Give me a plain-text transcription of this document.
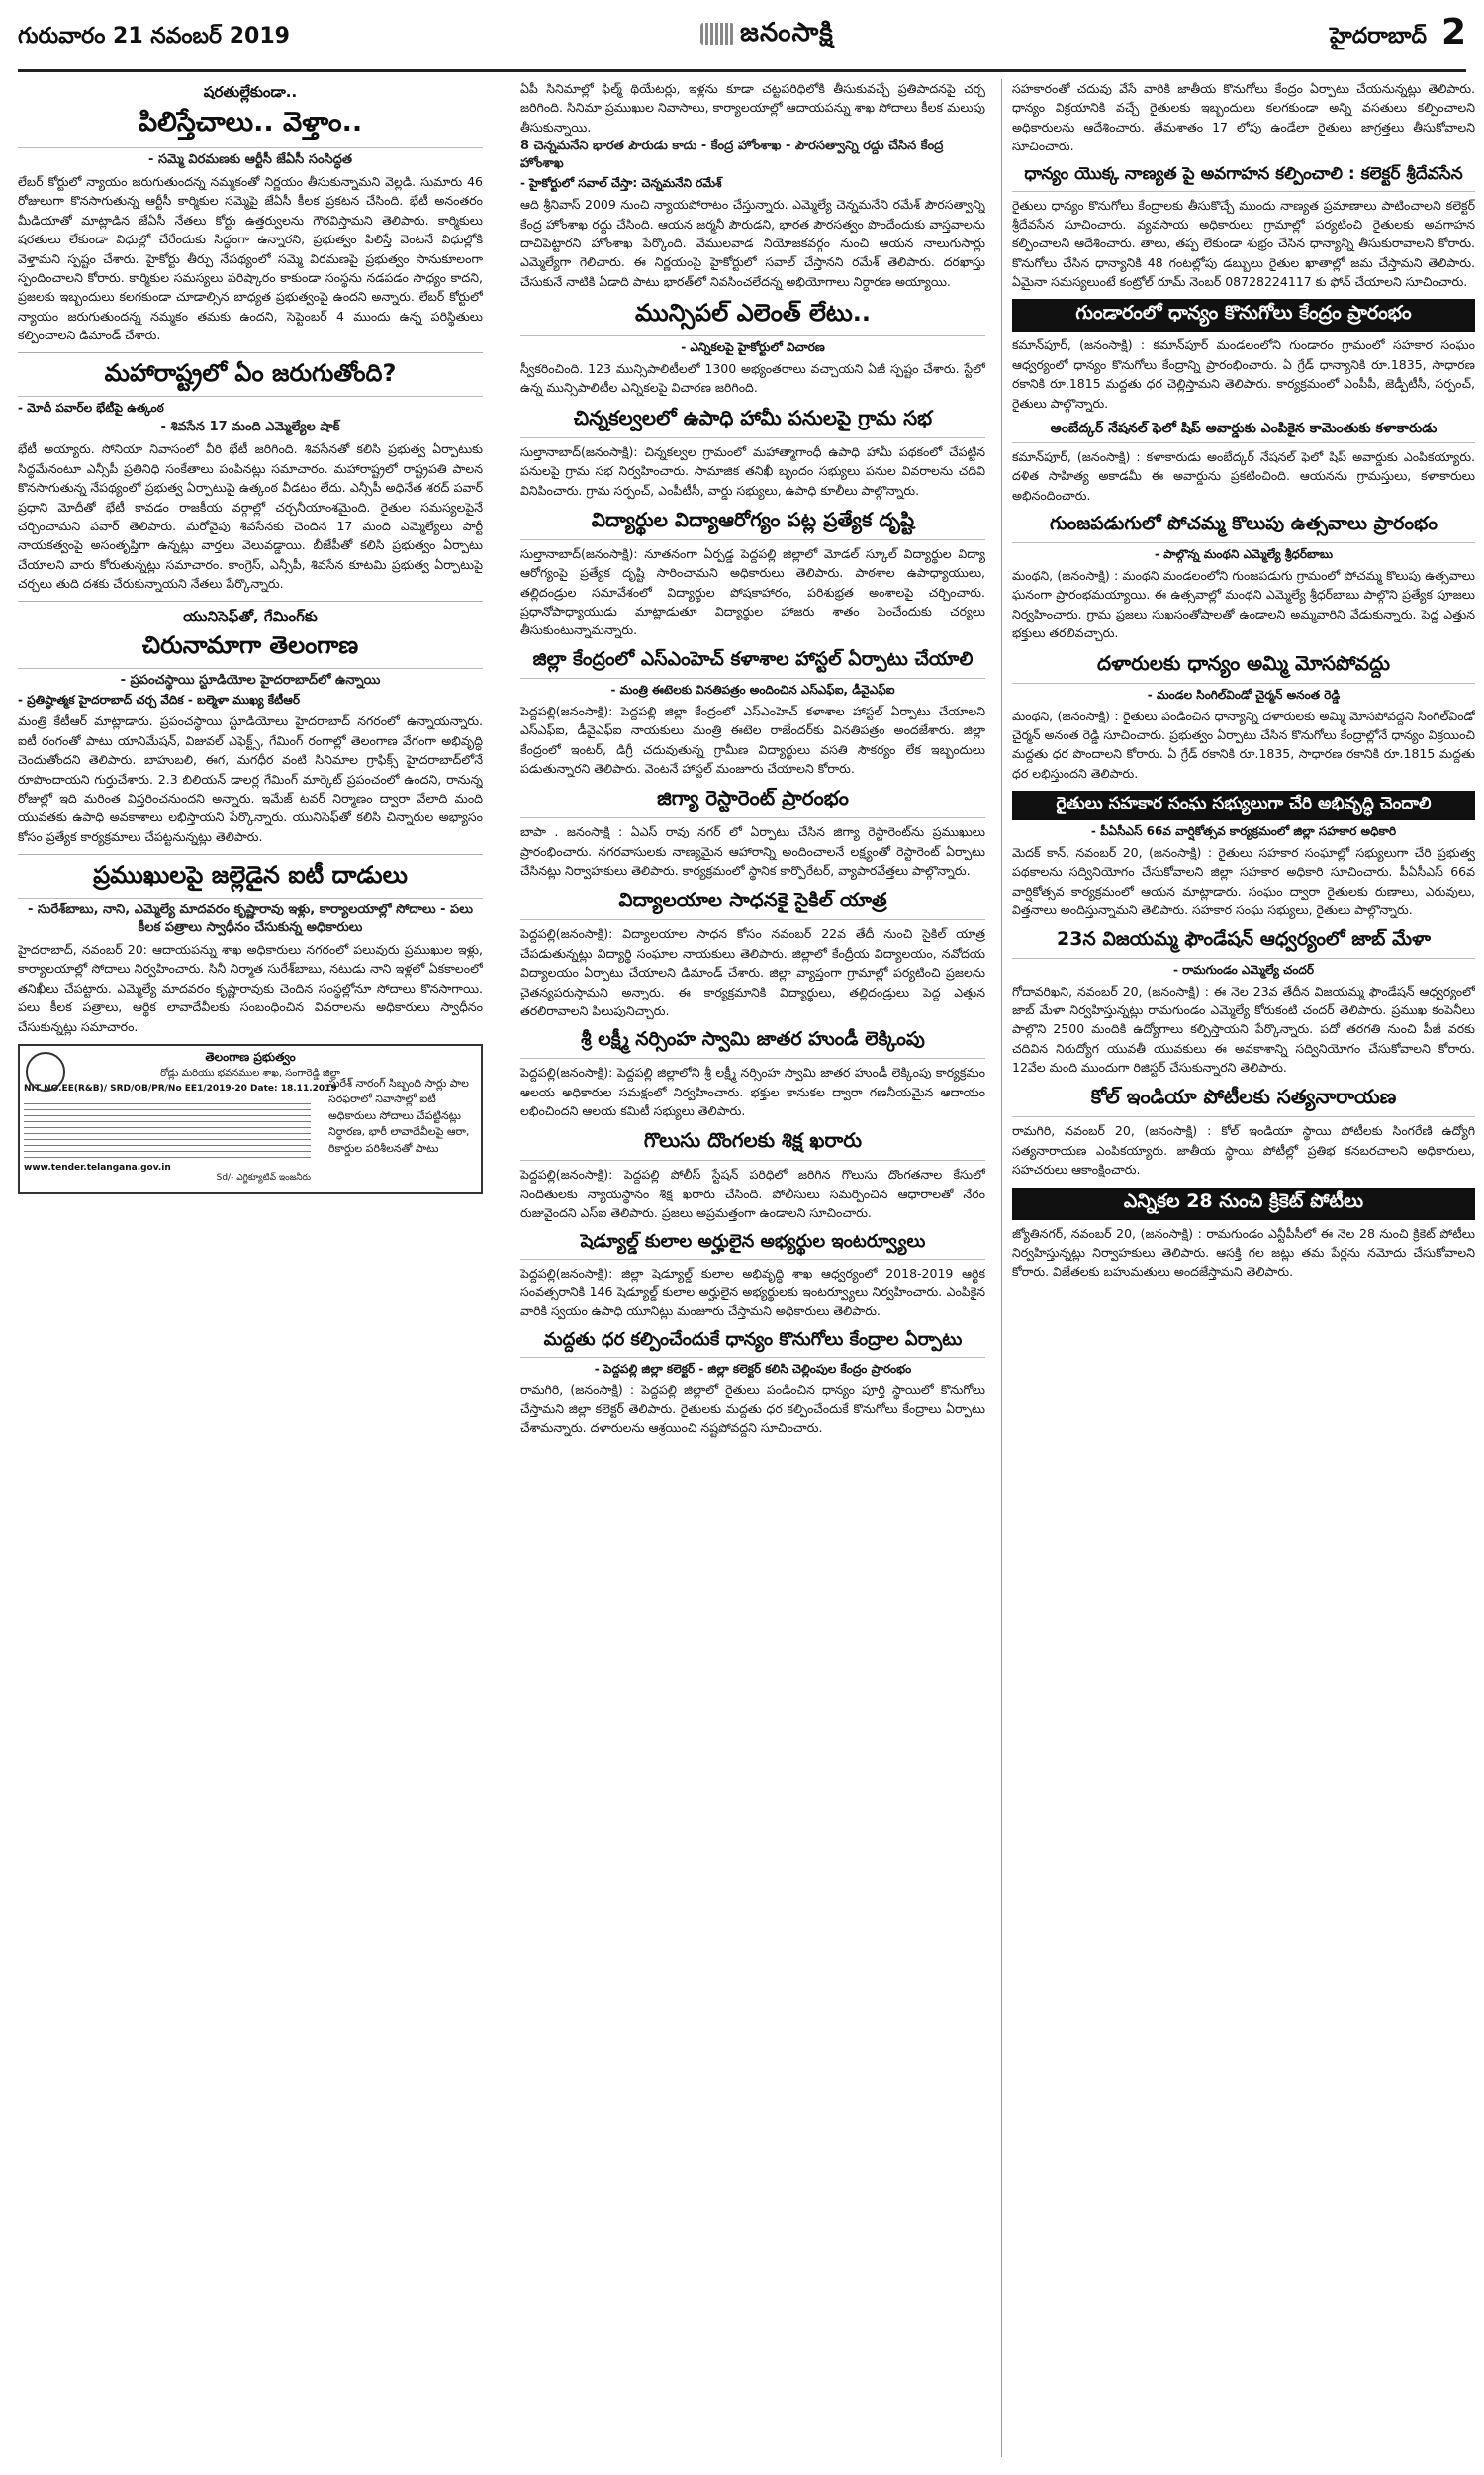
గురువారం 21 నవంబర్ 2019	జనంసాక్షి	హైదరాబాద్ 2
షరతుల్లేకుండా..
పిలిస్తేచాలు.. వెళ్తాం..
- సమ్మె విరమణకు ఆర్టీసీ జేఏసీ సంసిద్ధత

లేబర్‌ కోర్టులో న్యాయం జరుగుతుందన్న నమ్మకంతో నిర్ణయం తీసుకున్నామని వెల్లడి. సుమారు 46 రోజులుగా కొనసాగుతున్న ఆర్టీసీ కార్మికుల సమ్మెపై జేఏసీ కీలక ప్రకటన చేసింది. భేటీ అనంతరం మీడియాతో మాట్లాడిన జేఏసీ నేతలు కోర్టు ఉత్తర్వులను గౌరవిస్తామని తెలిపారు. కార్మికులు షరతులు లేకుండా విధుల్లో చేరేందుకు సిద్ధంగా ఉన్నారని, ప్రభుత్వం పిలిస్తే వెంటనే విధుల్లోకి వెళ్తామని స్పష్టం చేశారు. హైకోర్టు తీర్పు నేపథ్యంలో సమ్మె విరమణపై ప్రభుత్వం సానుకూలంగా స్పందించాలని కోరారు. కార్మికుల సమస్యలు పరిష్కారం కాకుండా సంస్థను నడపడం సాధ్యం కాదని, ప్రజలకు ఇబ్బందులు కలగకుండా చూడాల్సిన బాధ్యత ప్రభుత్వంపై ఉందని అన్నారు. లేబర్‌ కోర్టులో న్యాయం జరుగుతుందన్న నమ్మకం తమకు ఉందని, సెప్టెంబర్‌ 4 ముందు ఉన్న పరిస్థితులు కల్పించాలని డిమాండ్‌ చేశారు.

మహారాష్ట్రలో ఏం జరుగుతోంది?
- మోదీ పవార్‌ల భేటీపై ఉత్కంఠ
- శివసేన 17 మంది ఎమ్మెల్యేల షాక్‌

భేటీ అయ్యారు. సోనియా నివాసంలో వీరి భేటీ జరిగింది. శివసేనతో కలిసి ప్రభుత్వ ఏర్పాటుకు సిద్ధమేనంటూ ఎన్సీపీ ప్రతినిధి సంకేతాలు పంపినట్లు సమాచారం. మహారాష్ట్రలో రాష్ట్రపతి పాలన కొనసాగుతున్న నేపథ్యంలో ప్రభుత్వ ఏర్పాటుపై ఉత్కంఠ వీడటం లేదు. ఎన్సీపీ అధినేత శరద్‌ పవార్‌ ప్రధాని మోదీతో భేటీ కావడం రాజకీయ వర్గాల్లో చర్చనీయాంశమైంది. రైతుల సమస్యలపైనే చర్చించామని పవార్‌ తెలిపారు. మరోవైపు శివసేనకు చెందిన 17 మంది ఎమ్మెల్యేలు పార్టీ నాయకత్వంపై అసంతృప్తిగా ఉన్నట్లు వార్తలు వెలువడ్డాయి. బీజేపీతో కలిసి ప్రభుత్వం ఏర్పాటు చేయాలని వారు కోరుతున్నట్లు సమాచారం. కాంగ్రెస్‌, ఎన్సీపీ, శివసేన కూటమి ప్రభుత్వ ఏర్పాటుపై చర్చలు తుది దశకు చేరుకున్నాయని నేతలు పేర్కొన్నారు.

యునిసెఫ్‌తో, గేమింగ్‌కు
చిరునామాగా తెలంగాణ
- ప్రపంచస్థాయి స్టూడియోల హైదరాబాద్‌లో ఉన్నాయి
- ప్రతిష్ఠాత్మక హైదరాబాద్‌ చర్చ వేదిక - బల్మెళా ముఖ్య కేటీఆర్‌

మంత్రి కేటీఆర్‌ మాట్లాడారు. ప్రపంచస్థాయి స్టూడియోలు హైదరాబాద్‌ నగరంలో ఉన్నాయన్నారు. ఐటీ రంగంతో పాటు యానిమేషన్‌, విజువల్‌ ఎఫెక్ట్స్‌, గేమింగ్‌ రంగాల్లో తెలంగాణ వేగంగా అభివృద్ధి చెందుతోందని తెలిపారు. బాహుబలి, ఈగ, మగధీర వంటి సినిమాల గ్రాఫిక్స్‌ హైదరాబాద్‌లోనే రూపొందాయని గుర్తుచేశారు. 2.3 బిలియన్‌ డాలర్ల గేమింగ్‌ మార్కెట్‌ ప్రపంచంలో ఉందని, రానున్న రోజుల్లో ఇది మరింత విస్తరించనుందని అన్నారు. ఇమేజ్‌ టవర్‌ నిర్మాణం ద్వారా వేలాది మంది యువతకు ఉపాధి అవకాశాలు లభిస్తాయని పేర్కొన్నారు. యునిసెఫ్‌తో కలిసి చిన్నారుల అభ్యాసం కోసం ప్రత్యేక కార్యక్రమాలు చేపట్టనున్నట్లు తెలిపారు.

ప్రముఖులపై జల్లెడైన ఐటీ దాడులు
- సురేశ్‌బాబు, నాని, ఎమ్మెల్యే మాదవరం కృష్ణారావు ఇళ్లు, కార్యాలయాల్లో సోదాలు - పలు కీలక పత్రాలు స్వాధీనం చేసుకున్న అధికారులు

హైదరాబాద్‌, నవంబర్‌ 20: ఆదాయపన్ను శాఖ అధికారులు నగరంలో పలువురు ప్రముఖుల ఇళ్లు, కార్యాలయాల్లో సోదాలు నిర్వహించారు. సినీ నిర్మాత సురేశ్‌బాబు, నటుడు నాని ఇళ్లలో ఏకకాలంలో తనిఖీలు చేపట్టారు. ఎమ్మెల్యే మాదవరం కృష్ణారావుకు చెందిన సంస్థల్లోనూ సోదాలు కొనసాగాయి. పలు కీలక పత్రాలు, ఆర్థిక లావాదేవీలకు సంబంధించిన వివరాలను అధికారులు స్వాధీనం చేసుకున్నట్లు సమాచారం.

తెలంగాణ ప్రభుత్వం
రోడ్లు మరియు భవనముల శాఖ, సంగారెడ్డి జిల్లా
NIT NO.EE(R&B)/ SRD/OB/PR/No EE1/2019-20 Date: 18.11.2019
www.tender.telangana.gov.in
Sd/- ఎగ్జిక్యూటివ్‌ ఇంజనీరు
సురేశ్‌ నారంగ్‌ సిబ్బంది సార్లు పాల సరఫరాలో నివాసాల్లో ఐటీ అధికారులు సోదాలు చేపట్టినట్లు నిర్ధారణ, భారీ లావాదేవీలపై ఆరా, రికార్డుల పరిశీలనతో పాటు

ఏపీ సినిమాల్లో ఫిల్మ్‌ థియేటర్లు, ఇళ్లను కూడా చట్టపరిధిలోకి తీసుకువచ్చే ప్రతిపాదనపై చర్చ జరిగింది. సినిమా ప్రముఖుల నివాసాలు, కార్యాలయాల్లో ఆదాయపన్ను శాఖ సోదాలు కీలక మలుపు తీసుకున్నాయి.

8 చెన్నమనేని భారత పౌరుడు కాదు - కేంద్ర హోంశాఖ - పౌరసత్వాన్ని రద్దు చేసిన కేంద్ర హోంశాఖ
- హైకోర్టులో సవాల్‌ చేస్తా: చెన్నమనేని రమేశ్‌

ఆది శ్రీనివాస్‌ 2009 నుంచి న్యాయపోరాటం చేస్తున్నారు. ఎమ్మెల్యే చెన్నమనేని రమేశ్‌ పౌరసత్వాన్ని కేంద్ర హోంశాఖ రద్దు చేసింది. ఆయన జర్మనీ పౌరుడని, భారత పౌరసత్వం పొందేందుకు వాస్తవాలను దాచిపెట్టారని హోంశాఖ పేర్కొంది. వేములవాడ నియోజకవర్గం నుంచి ఆయన నాలుగుసార్లు ఎమ్మెల్యేగా గెలిచారు. ఈ నిర్ణయంపై హైకోర్టులో సవాల్‌ చేస్తానని రమేశ్‌ తెలిపారు. దరఖాస్తు చేసుకునే నాటికి ఏడాది పాటు భారత్‌లో నివసించలేదన్న అభియోగాలు నిర్ధారణ అయ్యాయి.

మున్సిపల్‌ ఎలెంత్‌ లేటు..
- ఎన్నికలపై హైకోర్టులో విచారణ

స్వీకరించింది. 123 మున్సిపాలిటీలలో 1300 అభ్యంతరాలు వచ్చాయని ఏజీ స్పష్టం చేశారు. స్టేలో ఉన్న మున్సిపాలిటీల ఎన్నికలపై విచారణ జరిగింది.

చిన్నకల్వలలో ఉపాధి హామీ పనులపై గ్రామ సభ

సుల్తానాబాద్‌(జనంసాక్షి): చిన్నకల్వల గ్రామంలో మహాత్మాగాంధీ ఉపాధి హామీ పథకంలో చేపట్టిన పనులపై గ్రామ సభ నిర్వహించారు. సామాజిక తనిఖీ బృందం సభ్యులు పనుల వివరాలను చదివి వినిపించారు. గ్రామ సర్పంచ్‌, ఎంపీటీసీ, వార్డు సభ్యులు, ఉపాధి కూలీలు పాల్గొన్నారు.

విద్యార్థుల విద్యాఆరోగ్యం పట్ల ప్రత్యేక దృష్టి

సుల్తానాబాద్‌(జనంసాక్షి): నూతనంగా ఏర్పడ్డ పెద్దపల్లి జిల్లాలో మోడల్‌ స్కూల్‌ విద్యార్థుల విద్యా ఆరోగ్యంపై ప్రత్యేక దృష్టి సారించామని అధికారులు తెలిపారు. పాఠశాల ఉపాధ్యాయులు, తల్లిదండ్రుల సమావేశంలో విద్యార్థుల పోషకాహారం, పరిశుభ్రత అంశాలపై చర్చించారు. ప్రధానోపాధ్యాయుడు మాట్లాడుతూ విద్యార్థుల హాజరు శాతం పెంచేందుకు చర్యలు తీసుకుంటున్నామన్నారు.

జిల్లా కేంద్రంలో ఎస్‌ఎంహెచ్‌ కళాశాల హాస్టల్‌ ఏర్పాటు చేయాలి
- మంత్రి ఈటెలకు వినతిపత్రం అందించిన ఎస్‌ఎఫ్‌ఐ, డీవైఎఫ్‌ఐ

పెద్దపల్లి(జనంసాక్షి): పెద్దపల్లి జిల్లా కేంద్రంలో ఎస్‌ఎంహెచ్‌ కళాశాల హాస్టల్‌ ఏర్పాటు చేయాలని ఎస్‌ఎఫ్‌ఐ, డీవైఎఫ్‌ఐ నాయకులు మంత్రి ఈటెల రాజేందర్‌కు వినతిపత్రం అందజేశారు. జిల్లా కేంద్రంలో ఇంటర్‌, డిగ్రీ చదువుతున్న గ్రామీణ విద్యార్థులు వసతి సౌకర్యం లేక ఇబ్బందులు పడుతున్నారని తెలిపారు. వెంటనే హాస్టల్‌ మంజూరు చేయాలని కోరారు.

జిగ్యా రెస్టారెంట్‌ ప్రారంభం

బాపా . జనంసాక్షి : ఏఎస్‌ రావు నగర్‌ లో ఏర్పాటు చేసిన జిగ్యా రెస్టారెంట్‌ను ప్రముఖులు ప్రారంభించారు. నగరవాసులకు నాణ్యమైన ఆహారాన్ని అందించాలనే లక్ష్యంతో రెస్టారెంట్‌ ఏర్పాటు చేసినట్లు నిర్వాహకులు తెలిపారు. కార్యక్రమంలో స్థానిక కార్పొరేటర్‌, వ్యాపారవేత్తలు పాల్గొన్నారు.

విద్యాలయాల సాధనకై సైకిల్‌ యాత్ర

పెద్దపల్లి(జనంసాక్షి): విద్యాలయాల సాధన కోసం నవంబర్‌ 22వ తేదీ నుంచి సైకిల్‌ యాత్ర చేపడుతున్నట్లు విద్యార్థి సంఘాల నాయకులు తెలిపారు. జిల్లాలో కేంద్రీయ విద్యాలయం, నవోదయ విద్యాలయం ఏర్పాటు చేయాలని డిమాండ్‌ చేశారు. జిల్లా వ్యాప్తంగా గ్రామాల్లో పర్యటించి ప్రజలను చైతన్యపరుస్తామని అన్నారు. ఈ కార్యక్రమానికి విద్యార్థులు, తల్లిదండ్రులు పెద్ద ఎత్తున తరలిరావాలని పిలుపునిచ్చారు.

శ్రీ లక్ష్మీ నర్సింహ స్వామి జాతర హుండీ లెక్కింపు

పెద్దపల్లి(జనంసాక్షి): పెద్దపల్లి జిల్లాలోని శ్రీ లక్ష్మీ నర్సింహ స్వామి జాతర హుండీ లెక్కింపు కార్యక్రమం ఆలయ అధికారుల సమక్షంలో నిర్వహించారు. భక్తుల కానుకల ద్వారా గణనీయమైన ఆదాయం లభించిందని ఆలయ కమిటీ సభ్యులు తెలిపారు.

గొలుసు దొంగలకు శిక్ష ఖరారు

పెద్దపల్లి(జనంసాక్షి): పెద్దపల్లి పోలీస్‌ స్టేషన్‌ పరిధిలో జరిగిన గొలుసు దొంగతనాల కేసులో నిందితులకు న్యాయస్థానం శిక్ష ఖరారు చేసింది. పోలీసులు సమర్పించిన ఆధారాలతో నేరం రుజువైందని ఎస్‌ఐ తెలిపారు. ప్రజలు అప్రమత్తంగా ఉండాలని సూచించారు.

షెడ్యూల్డ్‌ కులాల అర్హులైన అభ్యర్థుల ఇంటర్వ్యూలు

పెద్దపల్లి(జనంసాక్షి): జిల్లా షెడ్యూల్డ్‌ కులాల అభివృద్ధి శాఖ ఆధ్వర్యంలో 2018-2019 ఆర్థిక సంవత్సరానికి 146 షెడ్యూల్డ్‌ కులాల అర్హులైన అభ్యర్థులకు ఇంటర్వ్యూలు నిర్వహించారు. ఎంపికైన వారికి స్వయం ఉపాధి యూనిట్లు మంజూరు చేస్తామని అధికారులు తెలిపారు.

మద్దతు ధర కల్పించేందుకే ధాన్యం కొనుగోలు కేంద్రాల ఏర్పాటు
- పెద్దపల్లి జిల్లా కలెక్టర్‌ - జిల్లా కలెక్టర్‌ కలిసి చెల్లింపుల కేంద్రం ప్రారంభం

రామగిరి, (జనంసాక్షి) : పెద్దపల్లి జిల్లాలో రైతులు పండించిన ధాన్యం పూర్తి స్థాయిలో కొనుగోలు చేస్తామని జిల్లా కలెక్టర్‌ తెలిపారు. రైతులకు మద్దతు ధర కల్పించేందుకే కొనుగోలు కేంద్రాలు ఏర్పాటు చేశామన్నారు. దళారులను ఆశ్రయించి నష్టపోవద్దని సూచించారు.

సహకారంతో చదువు వేసే వారికి జాతీయ కొనుగోలు కేంద్రం ఏర్పాటు చేయనున్నట్లు తెలిపారు. ధాన్యం విక్రయానికి వచ్చే రైతులకు ఇబ్బందులు కలగకుండా అన్ని వసతులు కల్పించాలని అధికారులను ఆదేశించారు. తేమశాతం 17 లోపు ఉండేలా రైతులు జాగ్రత్తలు తీసుకోవాలని సూచించారు.

ధాన్యం యొక్క నాణ్యత పై అవగాహన కల్పించాలి : కలెక్టర్‌ శ్రీదేవసేన

రైతులు ధాన్యం కొనుగోలు కేంద్రాలకు తీసుకొచ్చే ముందు నాణ్యత ప్రమాణాలు పాటించాలని కలెక్టర్‌ శ్రీదేవసేన సూచించారు. వ్యవసాయ అధికారులు గ్రామాల్లో పర్యటించి రైతులకు అవగాహన కల్పించాలని ఆదేశించారు. తాలు, తప్ప లేకుండా శుభ్రం చేసిన ధాన్యాన్ని తీసుకురావాలని కోరారు. కొనుగోలు చేసిన ధాన్యానికి 48 గంటల్లోపు డబ్బులు రైతుల ఖాతాల్లో జమ చేస్తామని తెలిపారు. ఏమైనా సమస్యలుంటే కంట్రోల్‌ రూమ్‌ నెంబర్‌ 08728224117 కు ఫోన్‌ చేయాలని సూచించారు.

గుండారంలో ధాన్యం కొనుగోలు కేంద్రం ప్రారంభం

కమాన్‌పూర్‌, (జనంసాక్షి) : కమాన్‌పూర్‌ మండలంలోని గుండారం గ్రామంలో సహకార సంఘం ఆధ్వర్యంలో ధాన్యం కొనుగోలు కేంద్రాన్ని ప్రారంభించారు. ఏ గ్రేడ్‌ ధాన్యానికి రూ.1835, సాధారణ రకానికి రూ.1815 మద్దతు ధర చెల్లిస్తామని తెలిపారు. కార్యక్రమంలో ఎంపీపీ, జెడ్పీటీసీ, సర్పంచ్‌, రైతులు పాల్గొన్నారు.

అంబేద్కర్‌ నేషనల్‌ ఫెలో షిప్‌ అవార్డుకు ఎంపికైన కామెంతుకు కళాకారుడు

కమాన్‌పూర్‌, (జనంసాక్షి) : కళాకారుడు అంబేద్కర్‌ నేషనల్‌ ఫెలో షిప్‌ అవార్డుకు ఎంపికయ్యారు. దళిత సాహిత్య అకాడమీ ఈ అవార్డును ప్రకటించింది. ఆయనను గ్రామస్తులు, కళాకారులు అభినందించారు.

గుంజపడుగులో పోచమ్మ కొలుపు ఉత్సవాలు ప్రారంభం
- పాల్గొన్న మంథని ఎమ్మెల్యే శ్రీధర్‌బాబు

మంథని, (జనంసాక్షి) : మంథని మండలంలోని గుంజపడుగు గ్రామంలో పోచమ్మ కొలుపు ఉత్సవాలు ఘనంగా ప్రారంభమయ్యాయి. ఈ ఉత్సవాల్లో మంథని ఎమ్మెల్యే శ్రీధర్‌బాబు పాల్గొని ప్రత్యేక పూజలు నిర్వహించారు. గ్రామ ప్రజలు సుఖసంతోషాలతో ఉండాలని అమ్మవారిని వేడుకున్నారు. పెద్ద ఎత్తున భక్తులు తరలివచ్చారు.

దళారులకు ధాన్యం అమ్మి మోసపోవద్దు
- మండల సింగిల్‌విండో చైర్మన్‌ అనంత రెడ్డి

మంథని, (జనంసాక్షి) : రైతులు పండించిన ధాన్యాన్ని దళారులకు అమ్మి మోసపోవద్దని సింగిల్‌విండో చైర్మన్‌ అనంత రెడ్డి సూచించారు. ప్రభుత్వం ఏర్పాటు చేసిన కొనుగోలు కేంద్రాల్లోనే ధాన్యం విక్రయించి మద్దతు ధర పొందాలని కోరారు. ఏ గ్రేడ్‌ రకానికి రూ.1835, సాధారణ రకానికి రూ.1815 మద్దతు ధర లభిస్తుందని తెలిపారు.

రైతులు సహకార సంఘ సభ్యులుగా చేరి అభివృద్ధి చెందాలి
- పీఏసీఎస్‌ 66వ వార్షికోత్సవ కార్యక్రమంలో జిల్లా సహకార అధికారి

మెదక్‌ కాన్‌, నవంబర్‌ 20, (జనంసాక్షి) : రైతులు సహకార సంఘాల్లో సభ్యులుగా చేరి ప్రభుత్వ పథకాలను సద్వినియోగం చేసుకోవాలని జిల్లా సహకార అధికారి సూచించారు. పీఏసీఎస్‌ 66వ వార్షికోత్సవ కార్యక్రమంలో ఆయన మాట్లాడారు. సంఘం ద్వారా రైతులకు రుణాలు, ఎరువులు, విత్తనాలు అందిస్తున్నామని తెలిపారు. సహకార సంఘ సభ్యులు, రైతులు పాల్గొన్నారు.

23న విజయమ్మ ఫౌండేషన్‌ ఆధ్వర్యంలో జాబ్‌ మేళా
- రామగుండం ఎమ్మెల్యే చందర్‌

గోదావరిఖని, నవంబర్‌ 20, (జనంసాక్షి) : ఈ నెల 23వ తేదీన విజయమ్మ ఫౌండేషన్‌ ఆధ్వర్యంలో జాబ్‌ మేళా నిర్వహిస్తున్నట్లు రామగుండం ఎమ్మెల్యే కోరుకంటి చందర్‌ తెలిపారు. ప్రముఖ కంపెనీలు పాల్గొని 2500 మందికి ఉద్యోగాలు కల్పిస్తాయని పేర్కొన్నారు. పదో తరగతి నుంచి పీజీ వరకు చదివిన నిరుద్యోగ యువతీ యువకులు ఈ అవకాశాన్ని సద్వినియోగం చేసుకోవాలని కోరారు. 12వేల మంది ముందుగా రిజిస్టర్‌ చేసుకున్నారని తెలిపారు.

కోల్‌ ఇండియా పోటీలకు సత్యనారాయణ

రామగిరి, నవంబర్‌ 20, (జనంసాక్షి) : కోల్‌ ఇండియా స్థాయి పోటీలకు సింగరేణి ఉద్యోగి సత్యనారాయణ ఎంపికయ్యారు. జాతీయ స్థాయి పోటీల్లో ప్రతిభ కనబరచాలని అధికారులు, సహచరులు ఆకాంక్షించారు.

ఎన్నికల 28 నుంచి క్రికెట్‌ పోటీలు

జ్యోతినగర్‌, నవంబర్‌ 20, (జనంసాక్షి) : రామగుండం ఎన్టీపీసీలో ఈ నెల 28 నుంచి క్రికెట్‌ పోటీలు నిర్వహిస్తున్నట్లు నిర్వాహకులు తెలిపారు. ఆసక్తి గల జట్లు తమ పేర్లను నమోదు చేసుకోవాలని కోరారు. విజేతలకు బహుమతులు అందజేస్తామని తెలిపారు.
